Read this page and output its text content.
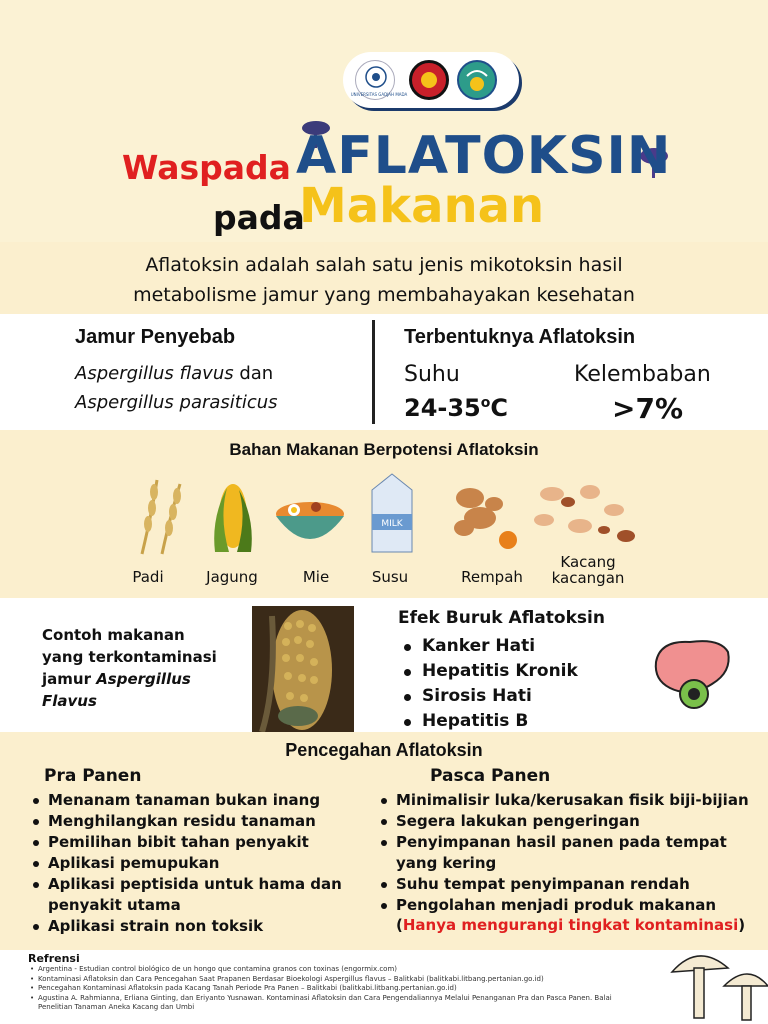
UNIVERSITAS GADJAH MADA
Waspada AFLATOKSIN
pada
Makanan
Aflatoksin adalah salah satu jenis mikotoksin hasil
metabolisme jamur yang membahayakan kesehatan
Jamur Penyebab
Aspergillus flavus dan
Aspergillus parasiticus
Terbentuknya Aflatoksin
Suhu	Kelembaban
$24-35^oC$	>7%
Bahan Makanan Berpotensi Aflatoksin
MILK
Padi	Jagung	Mie	Susu	Rempah
Kacang
kacangan
Contoh makanan
yang terkontaminasi
jamur Aspergillus
Flavus
Efek Buruk Aflatoksin
Kanker Hati
Hepatitis Kronik
Sirosis Hati
Hepatitis B
Pencegahan Aflatoksin
Pra Panen
Menanam tanaman bukan inang
Menghilangkan residu tanaman
Pemilihan bibit tahan penyakit
Aplikasi pemupukan
Aplikasi peptisida untuk hama dan penyakit utama
Aplikasi strain non toksik
Pasca Panen
Minimalisir luka/kerusakan fisik biji-bijian
Segera lakukan pengeringan
Penyimpanan hasil panen pada tempat yang kering
Suhu tempat penyimpanan rendah
Pengolahan menjadi produk makanan
(Hanya mengurangi tingkat kontaminasi)
Refrensi
• Argentina - Estudian control biológico de un hongo que contamina granos con toxinas (engormix.com)
• Kontaminasi Aflatoksin dan Cara Pencegahan Saat Prapanen Berdasar Bioekologi Aspergillus flavus – Balitkabi (balitkabi.litbang.pertanian.go.id)
• Pencegahan Kontaminasi Aflatoksin pada Kacang Tanah Periode Pra Panen – Balitkabi (balitkabi.litbang.pertanian.go.id)
• Agustina A. Rahmianna, Erliana Ginting, dan Eriyanto Yusnawan. Kontaminasi Aflatoksin dan Cara Pengendaliannya Melalui Penanganan Pra dan Pasca Panen. Balai Penelitian Tanaman Aneka Kacang dan Umbi
